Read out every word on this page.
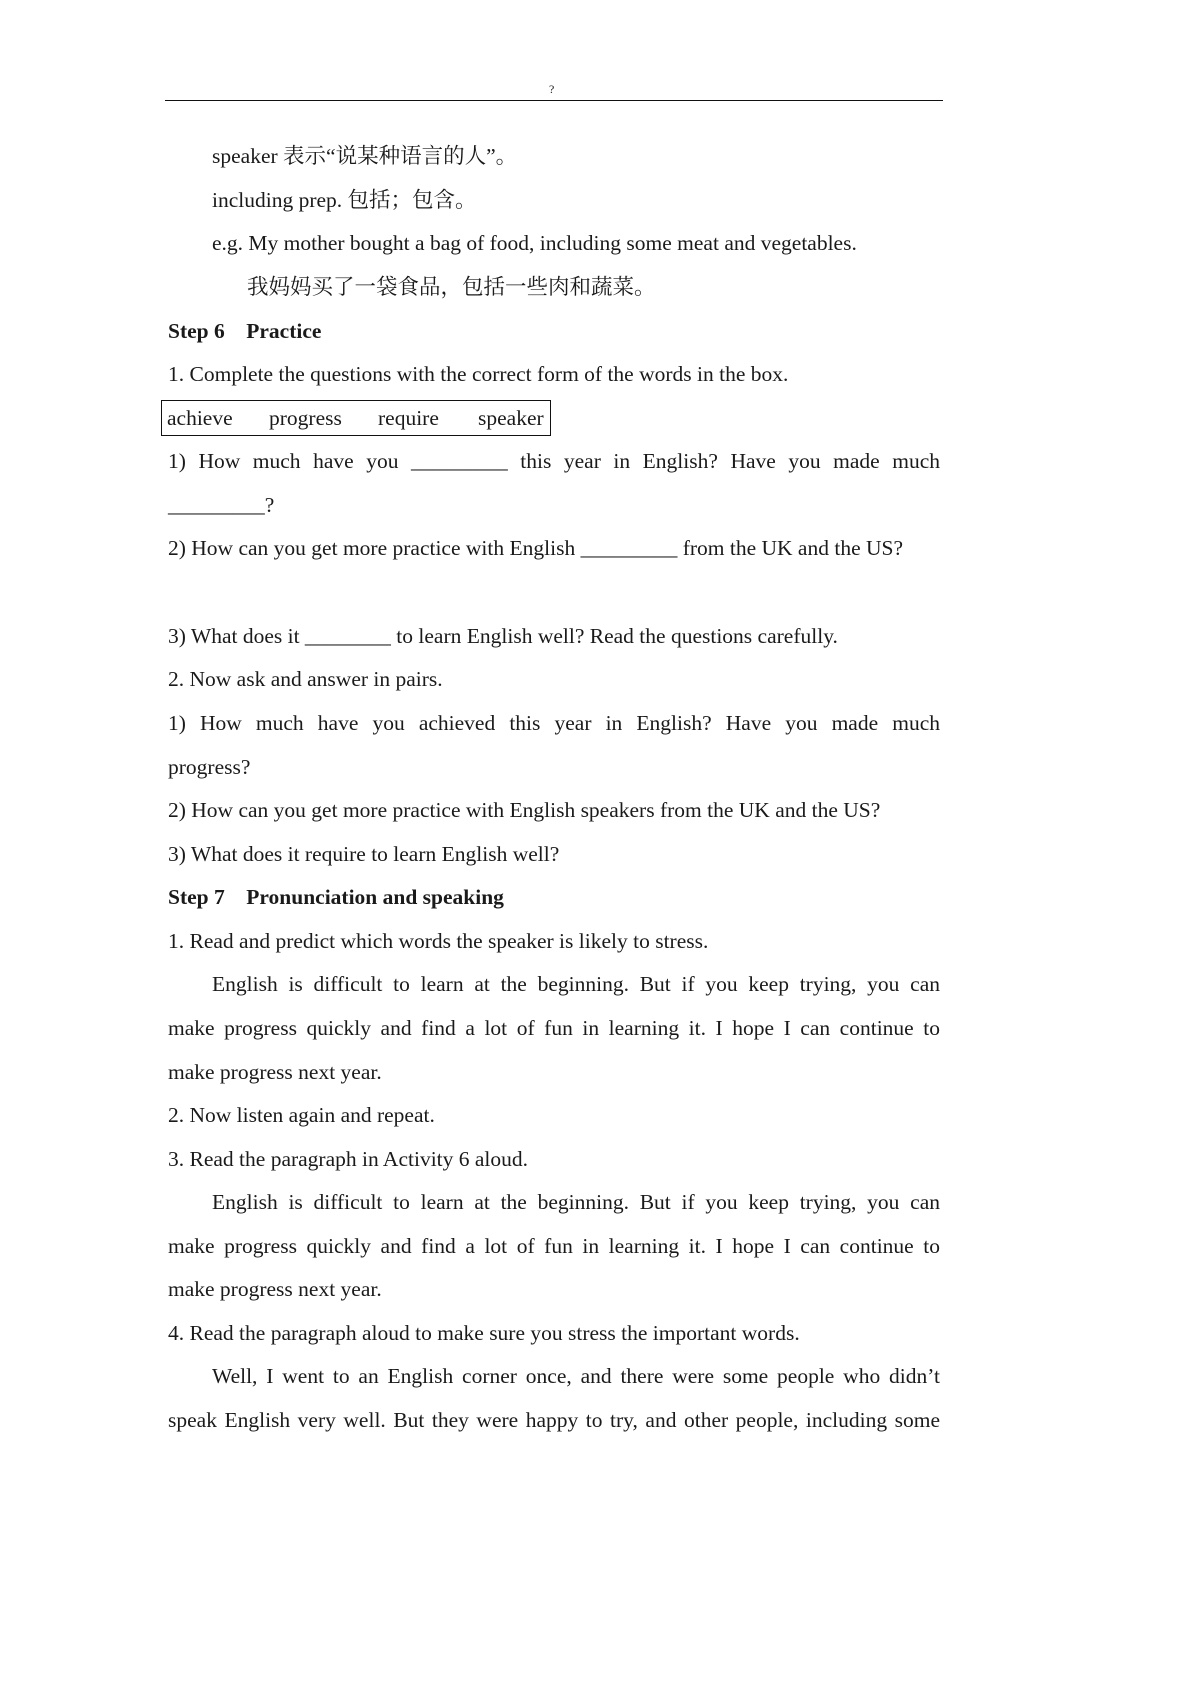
?
speaker 表示“说某种语言的人”。
including prep. 包括；包含。
e.g. My mother bought a bag of food, including some meat and vegetables.
我妈妈买了一袋食品，包括一些肉和蔬菜。
Step 6    Practice
1. Complete the questions with the correct form of the words in the box.
achieve progress require speaker
1) How much have you _________ this year in English? Have you made much
_________?
2) How can you get more practice with English _________ from the UK and the US?
3) What does it ________ to learn English well? Read the questions carefully.
2. Now ask and answer in pairs.
1) How much have you achieved this year in English? Have you made much
progress?
2) How can you get more practice with English speakers from the UK and the US?
3) What does it require to learn English well?
Step 7    Pronunciation and speaking
1. Read and predict which words the speaker is likely to stress.
English is difficult to learn at the beginning. But if you keep trying, you can
make progress quickly and find a lot of fun in learning it. I hope I can continue to
make progress next year.
2. Now listen again and repeat.
3. Read the paragraph in Activity 6 aloud.
English is difficult to learn at the beginning. But if you keep trying, you can
make progress quickly and find a lot of fun in learning it. I hope I can continue to
make progress next year.
4. Read the paragraph aloud to make sure you stress the important words.
Well, I went to an English corner once, and there were some people who didn’t
speak English very well. But they were happy to try, and other people, including some
